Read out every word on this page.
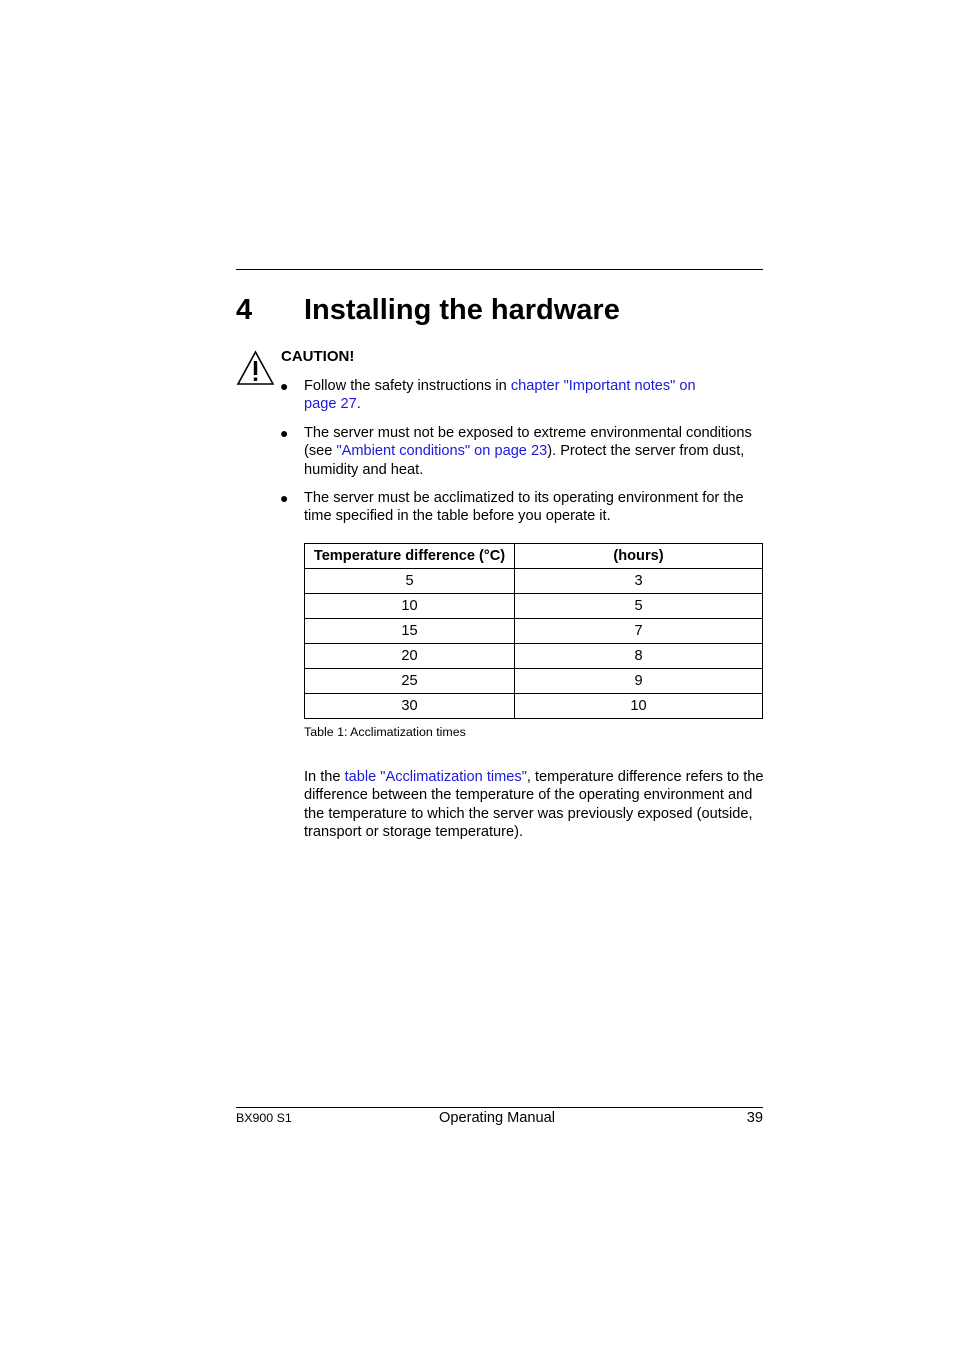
4 Installing the hardware
CAUTION!
● Follow the safety instructions in chapter "Important notes" on page 27.
● The server must not be exposed to extreme environmental conditions (see "Ambient conditions" on page 23). Protect the server from dust, humidity and heat.
● The server must be acclimatized to its operating environment for the time specified in the table before you operate it.
Temperature difference (°C)	(hours)
5	3
10	5
15	7
20	8
25	9
30	10
Table 1: Acclimatization times
In the table "Acclimatization times", temperature difference refers to the difference between the temperature of the operating environment and the temperature to which the server was previously exposed (outside, transport or storage temperature).
BX900 S1	Operating Manual	39
